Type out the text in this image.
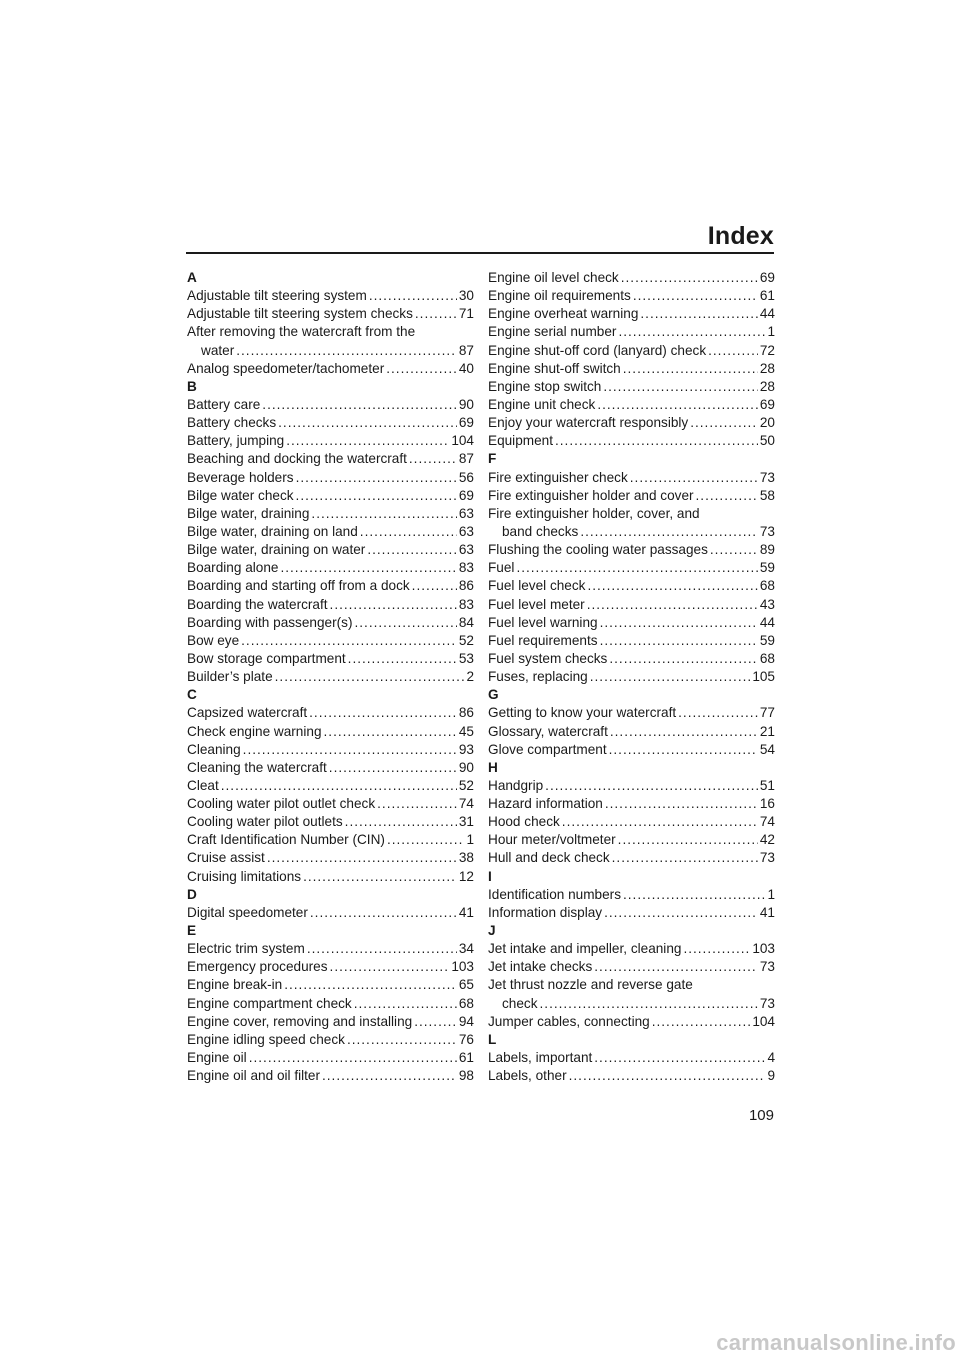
Index
A
Adjustable tilt steering system .....	30
Adjustable tilt steering system checks .....	71
After removing the watercraft from the
water .....	87
Analog speedometer/tachometer .....	40
B
Battery care .....	90
Battery checks .....	69
Battery, jumping .....	104
Beaching and docking the watercraft .....	87
Beverage holders .....	56
Bilge water check .....	69
Bilge water, draining .....	63
Bilge water, draining on land .....	63
Bilge water, draining on water .....	63
Boarding alone .....	83
Boarding and starting off from a dock .....	86
Boarding the watercraft .....	83
Boarding with passenger(s) .....	84
Bow eye .....	52
Bow storage compartment .....	53
Builder’s plate .....	2
C
Capsized watercraft .....	86
Check engine warning .....	45
Cleaning .....	93
Cleaning the watercraft .....	90
Cleat .....	52
Cooling water pilot outlet check .....	74
Cooling water pilot outlets .....	31
Craft Identification Number (CIN) .....	1
Cruise assist .....	38
Cruising limitations .....	12
D
Digital speedometer .....	41
E
Electric trim system .....	34
Emergency procedures .....	103
Engine break-in .....	65
Engine compartment check .....	68
Engine cover, removing and installing .....	94
Engine idling speed check .....	76
Engine oil .....	61
Engine oil and oil filter .....	98
Engine oil level check .....	69
Engine oil requirements .....	61
Engine overheat warning .....	44
Engine serial number .....	1
Engine shut-off cord (lanyard) check .....	72
Engine shut-off switch .....	28
Engine stop switch .....	28
Engine unit check .....	69
Enjoy your watercraft responsibly .....	20
Equipment .....	50
F
Fire extinguisher check .....	73
Fire extinguisher holder and cover .....	58
Fire extinguisher holder, cover, and
band checks .....	73
Flushing the cooling water passages .....	89
Fuel .....	59
Fuel level check .....	68
Fuel level meter .....	43
Fuel level warning .....	44
Fuel requirements .....	59
Fuel system checks .....	68
Fuses, replacing .....	105
G
Getting to know your watercraft .....	77
Glossary, watercraft .....	21
Glove compartment .....	54
H
Handgrip .....	51
Hazard information .....	16
Hood check .....	74
Hour meter/voltmeter .....	42
Hull and deck check .....	73
I
Identification numbers .....	1
Information display .....	41
J
Jet intake and impeller, cleaning .....	103
Jet intake checks .....	73
Jet thrust nozzle and reverse gate
check .....	73
Jumper cables, connecting .....	104
L
Labels, important .....	4
Labels, other .....	9

109

carmanualsonline.info
